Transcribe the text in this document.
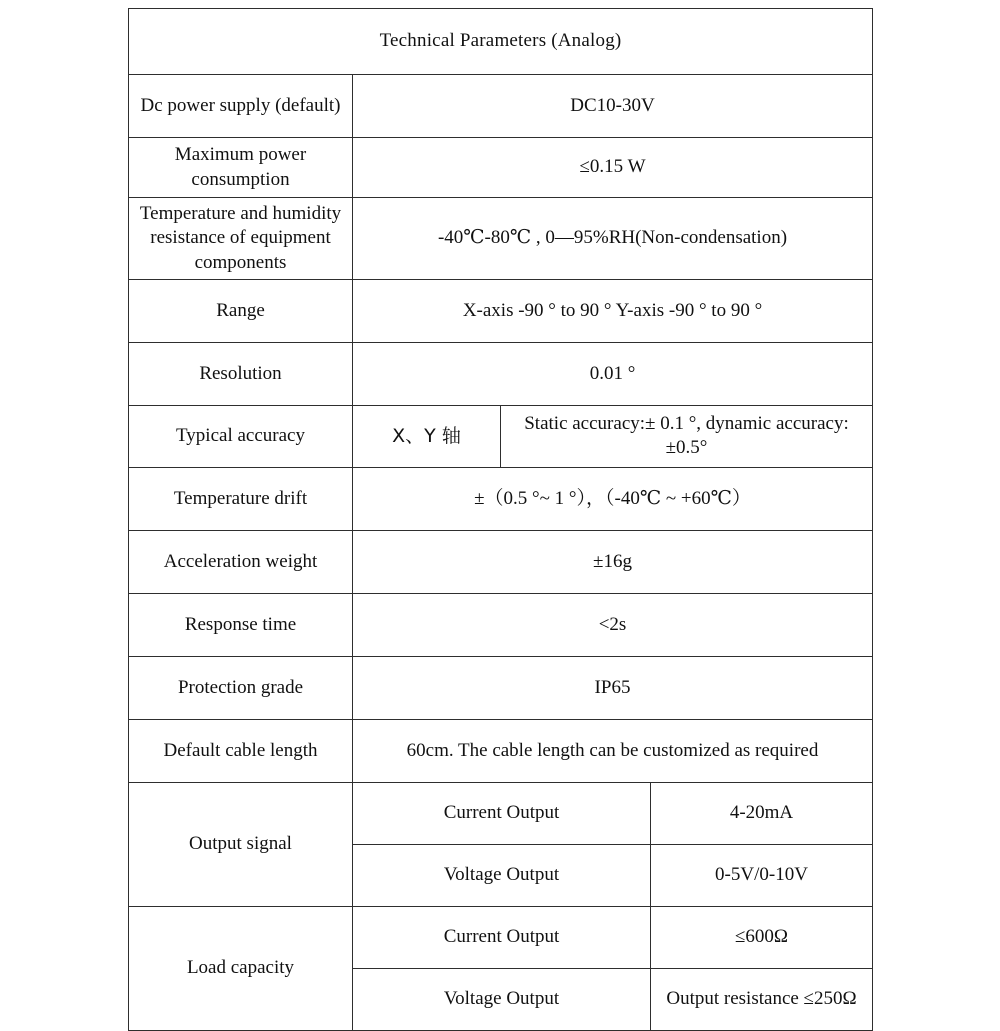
Technical Parameters (Analog)			
Dc power supply (default)	DC10-30V		
Maximum power consumption	≤0.15 W		
Temperature and humidity resistance of equipment components	-40℃-80℃ , 0—95%RH(Non-condensation)		
Range	X-axis -90 ° to 90 ° Y-axis -90 ° to 90 °		
Resolution	0.01 °		
Typical accuracy	X、Y 轴	Static accuracy:± 0.1 °, dynamic accuracy: ±0.5°	
Temperature drift	±（0.5 °~ 1 °），（-40℃ ~ +60℃）		
Acceleration weight	±16g		
Response time	<2s		
Protection grade	IP65		
Default cable length	60cm. The cable length can be customized as required		
Output signal	Current Output		4-20mA
	Voltage Output		0-5V/0-10V
Load capacity	Current Output		≤600Ω
	Voltage Output		Output resistance ≤250Ω
